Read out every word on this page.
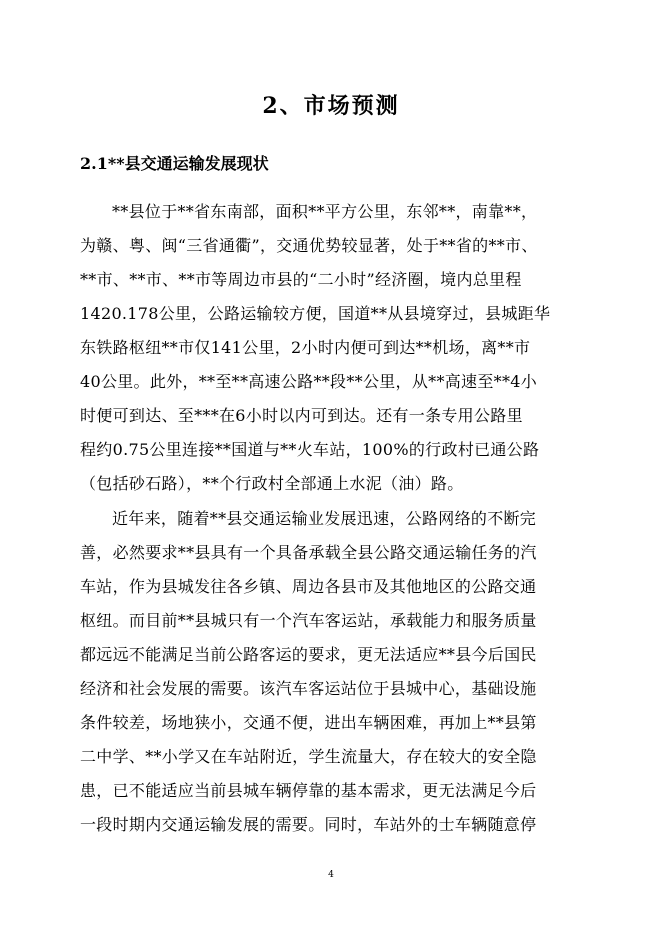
2、市场预测
2.1**县交通运输发展现状
**县位于**省东南部，面积**平方公里，东邻**，南靠**，
为赣、粤、闽“三省通衢”，交通优势较显著，处于**省的**市、
**市、**市、**市等周边市县的“二小时”经济圈，境内总里程
1420.178公里，公路运输较方便，国道**从县境穿过，县城距华
东铁路枢纽**市仅141公里，2小时内便可到达**机场，离**市
40公里。此外，**至**高速公路**段**公里，从**高速至**4小
时便可到达、至***在6小时以内可到达。还有一条专用公路里
程约0.75公里连接**国道与**火车站，100%的行政村已通公路
（包括砂石路），**个行政村全部通上水泥（油）路。
近年来，随着**县交通运输业发展迅速，公路网络的不断完
善，必然要求**县具有一个具备承载全县公路交通运输任务的汽
车站，作为县城发往各乡镇、周边各县市及其他地区的公路交通
枢纽。而目前**县城只有一个汽车客运站，承载能力和服务质量
都远远不能满足当前公路客运的要求，更无法适应**县今后国民
经济和社会发展的需要。该汽车客运站位于县城中心，基础设施
条件较差，场地狭小，交通不便，进出车辆困难，再加上**县第
二中学、**小学又在车站附近，学生流量大，存在较大的安全隐
患，已不能适应当前县城车辆停靠的基本需求，更无法满足今后
一段时期内交通运输发展的需要。同时，车站外的士车辆随意停
4
